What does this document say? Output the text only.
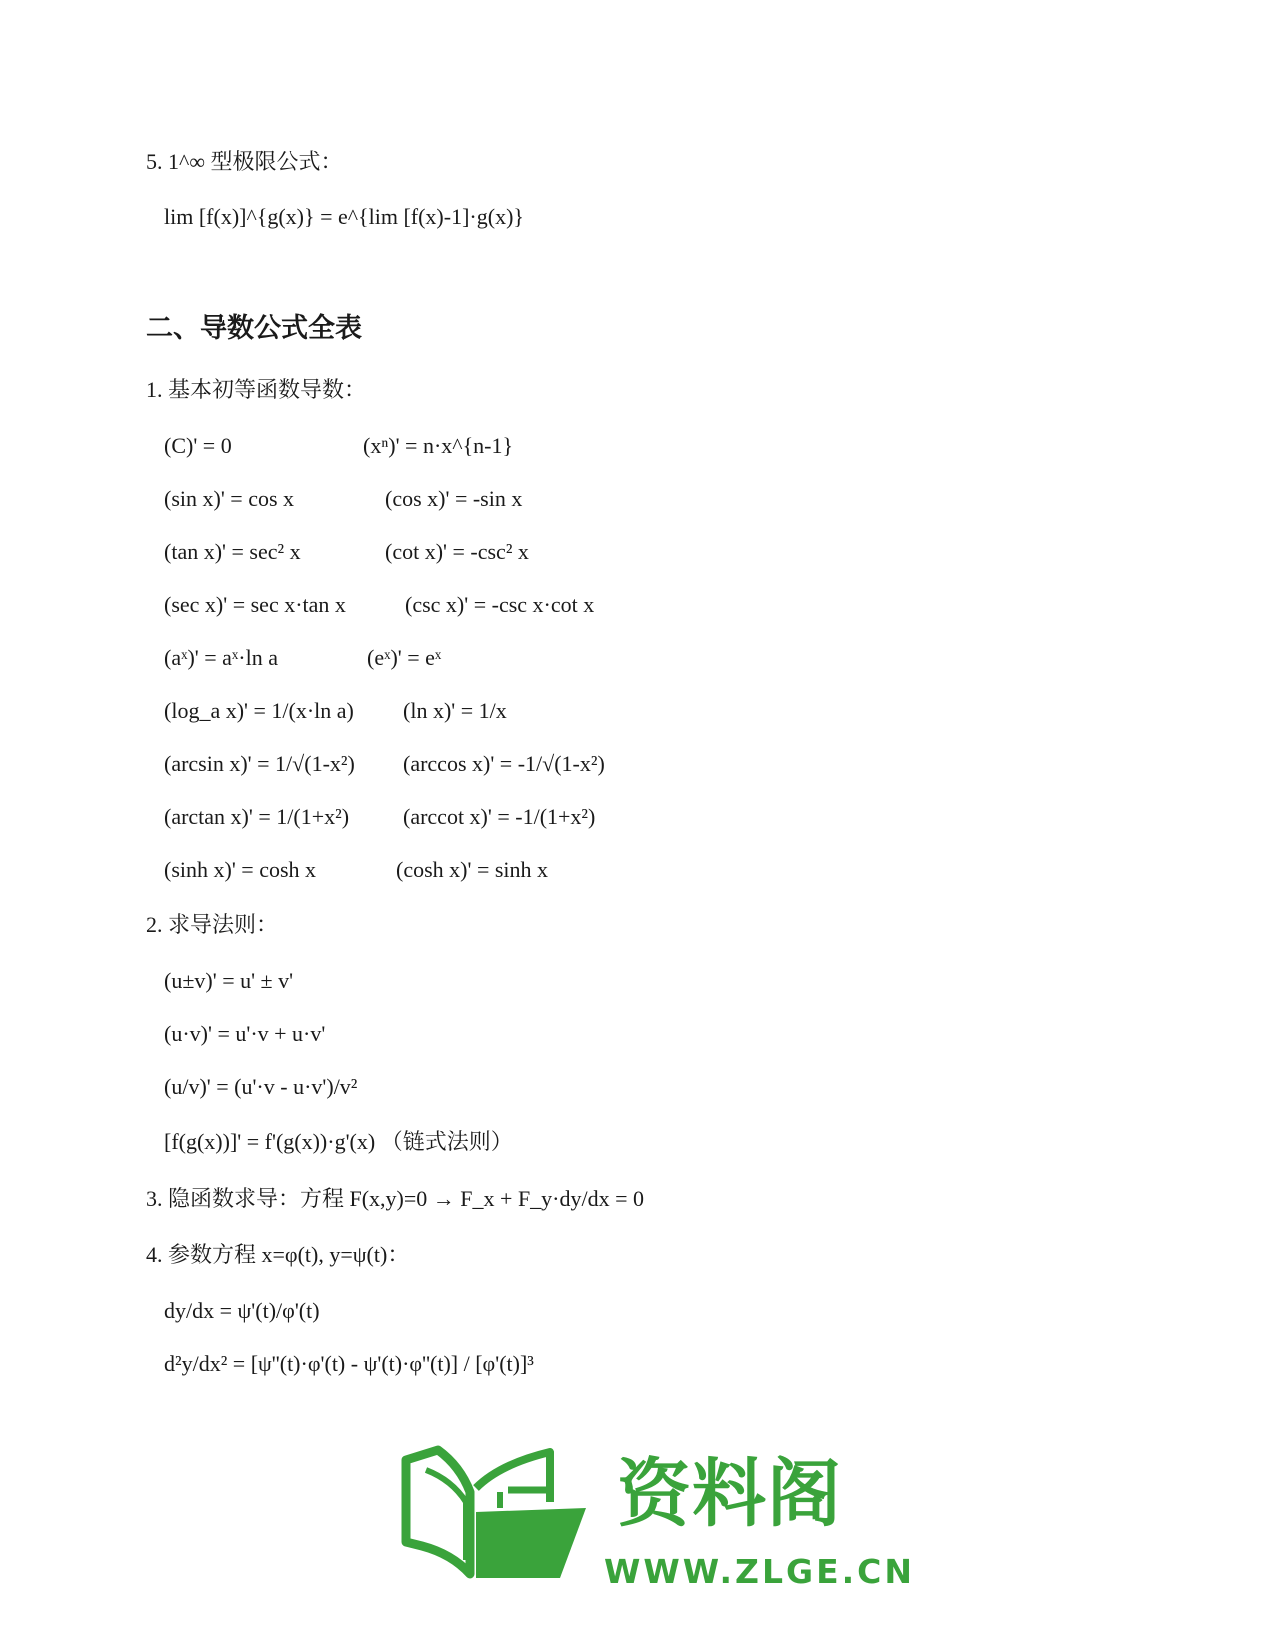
5. 1^∞ 型极限公式：
lim [f(x)]^{g(x)} = e^{lim [f(x)-1]·g(x)}
二、导数公式全表
1. 基本初等函数导数：
(C)' = 0	(xⁿ)' = n·x^{n-1}
(sin x)' = cos x	(cos x)' = -sin x
(tan x)' = sec² x	(cot x)' = -csc² x
(sec x)' = sec x·tan x	(csc x)' = -csc x·cot x
(aˣ)' = aˣ·ln a	(eˣ)' = eˣ
(log_a x)' = 1/(x·ln a) (ln x)' = 1/x
(arcsin x)' = 1/√(1-x²) (arccos x)' = -1/√(1-x²)
(arctan x)' = 1/(1+x²) (arccot x)' = -1/(1+x²)
(sinh x)' = cosh x	(cosh x)' = sinh x
2. 求导法则：
(u±v)' = u' ± v'
(u·v)' = u'·v + u·v'
(u/v)' = (u'·v - u·v')/v²
[f(g(x))]' = f'(g(x))·g'(x) （链式法则）
3. 隐函数求导：方程 F(x,y)=0 → F_x + F_y·dy/dx = 0
4. 参数方程 x=φ(t), y=ψ(t)：
dy/dx = ψ'(t)/φ'(t)
d²y/dx² = [ψ''(t)·φ'(t) - ψ'(t)·φ''(t)] / [φ'(t)]³
资料阁
WWW.ZLGE.CN
